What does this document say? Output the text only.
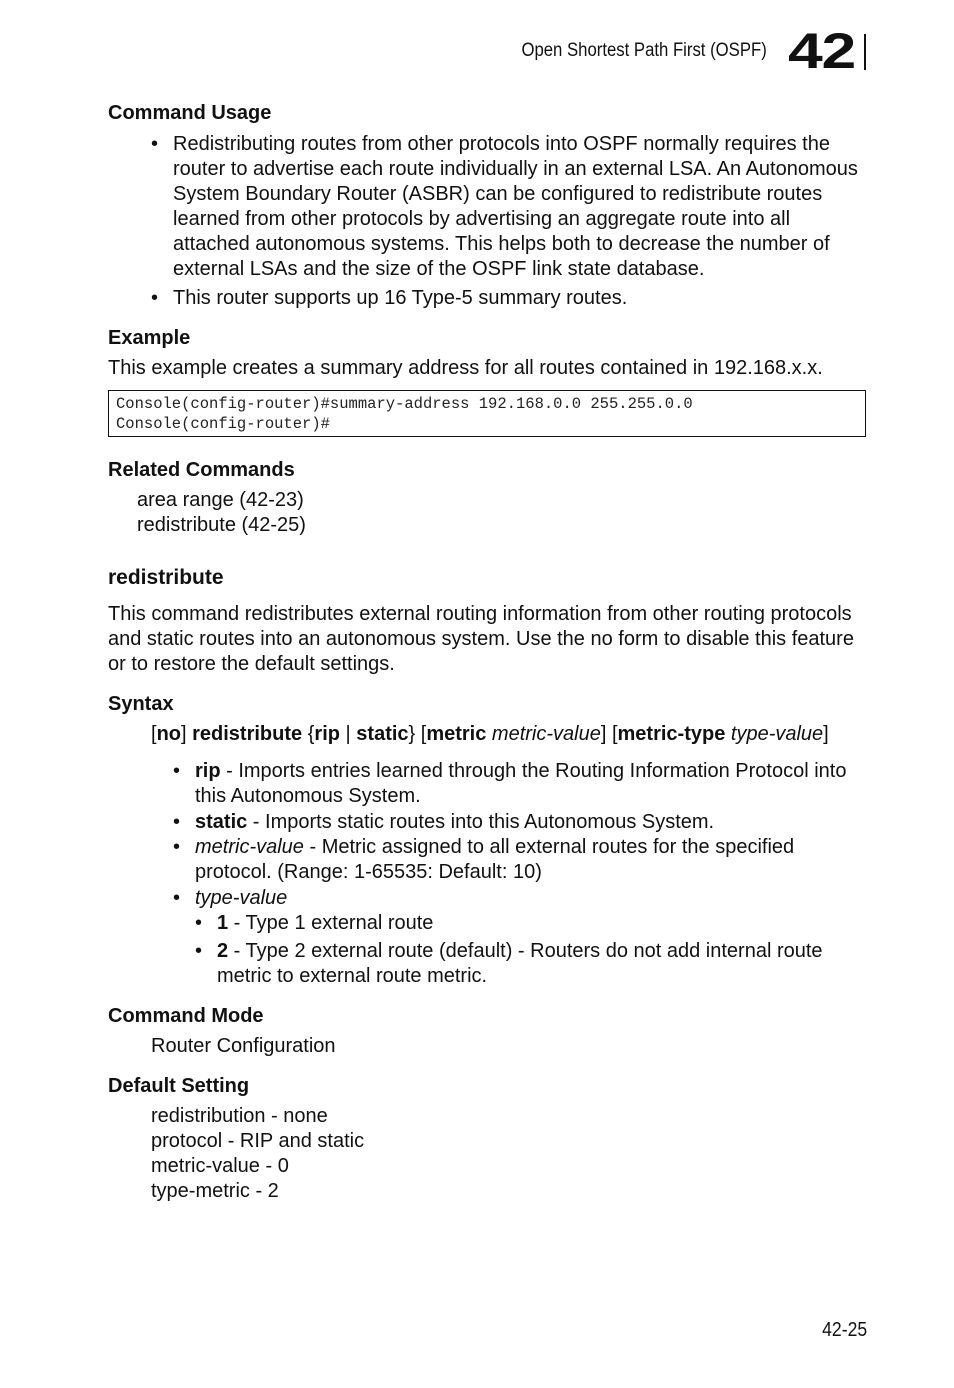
Open Shortest Path First (OSPF) 42
Command Usage
Redistributing routes from other protocols into OSPF normally requires the
router to advertise each route individually in an external LSA. An Autonomous
System Boundary Router (ASBR) can be configured to redistribute routes
learned from other protocols by advertising an aggregate route into all
attached autonomous systems. This helps both to decrease the number of
external LSAs and the size of the OSPF link state database.
This router supports up 16 Type-5 summary routes.
Example
This example creates a summary address for all routes contained in 192.168.x.x.
Console(config-router)#summary-address 192.168.0.0 255.255.0.0
Console(config-router)#
Related Commands
area range (42-23)
redistribute (42-25)
redistribute
This command redistributes external routing information from other routing protocols
and static routes into an autonomous system. Use the no form to disable this feature
or to restore the default settings.
Syntax
[no] redistribute {rip | static} [metric metric-value] [metric-type type-value]
rip - Imports entries learned through the Routing Information Protocol into
this Autonomous System.
static - Imports static routes into this Autonomous System.
metric-value - Metric assigned to all external routes for the specified
protocol. (Range: 1-65535: Default: 10)
type-value
1 - Type 1 external route
2 - Type 2 external route (default) - Routers do not add internal route
metric to external route metric.
Command Mode
Router Configuration
Default Setting
redistribution - none
protocol - RIP and static
metric-value - 0
type-metric - 2
42-25
